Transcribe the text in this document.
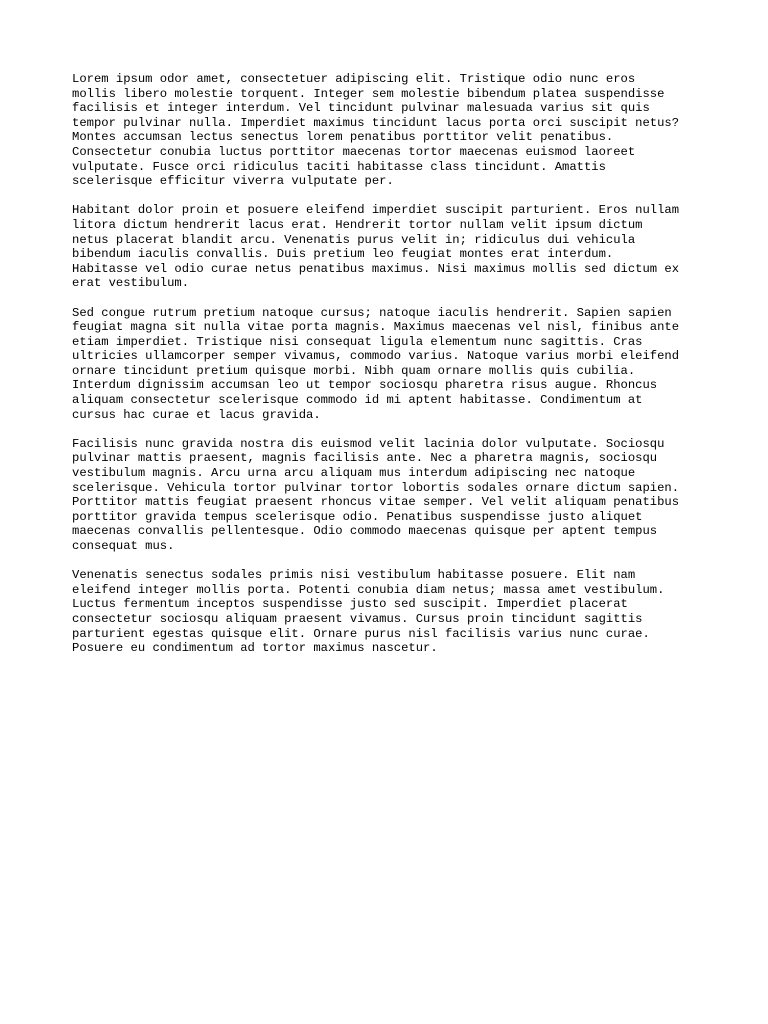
Lorem ipsum odor amet, consectetuer adipiscing elit. Tristique odio nunc eros
mollis libero molestie torquent. Integer sem molestie bibendum platea suspendisse
facilisis et integer interdum. Vel tincidunt pulvinar malesuada varius sit quis
tempor pulvinar nulla. Imperdiet maximus tincidunt lacus porta orci suscipit netus?
Montes accumsan lectus senectus lorem penatibus porttitor velit penatibus.
Consectetur conubia luctus porttitor maecenas tortor maecenas euismod laoreet
vulputate. Fusce orci ridiculus taciti habitasse class tincidunt. Amattis
scelerisque efficitur viverra vulputate per.

Habitant dolor proin et posuere eleifend imperdiet suscipit parturient. Eros nullam
litora dictum hendrerit lacus erat. Hendrerit tortor nullam velit ipsum dictum
netus placerat blandit arcu. Venenatis purus velit in; ridiculus dui vehicula
bibendum iaculis convallis. Duis pretium leo feugiat montes erat interdum.
Habitasse vel odio curae netus penatibus maximus. Nisi maximus mollis sed dictum ex
erat vestibulum.

Sed congue rutrum pretium natoque cursus; natoque iaculis hendrerit. Sapien sapien
feugiat magna sit nulla vitae porta magnis. Maximus maecenas vel nisl, finibus ante
etiam imperdiet. Tristique nisi consequat ligula elementum nunc sagittis. Cras
ultricies ullamcorper semper vivamus, commodo varius. Natoque varius morbi eleifend
ornare tincidunt pretium quisque morbi. Nibh quam ornare mollis quis cubilia.
Interdum dignissim accumsan leo ut tempor sociosqu pharetra risus augue. Rhoncus
aliquam consectetur scelerisque commodo id mi aptent habitasse. Condimentum at
cursus hac curae et lacus gravida.

Facilisis nunc gravida nostra dis euismod velit lacinia dolor vulputate. Sociosqu
pulvinar mattis praesent, magnis facilisis ante. Nec a pharetra magnis, sociosqu
vestibulum magnis. Arcu urna arcu aliquam mus interdum adipiscing nec natoque
scelerisque. Vehicula tortor pulvinar tortor lobortis sodales ornare dictum sapien.
Porttitor mattis feugiat praesent rhoncus vitae semper. Vel velit aliquam penatibus
porttitor gravida tempus scelerisque odio. Penatibus suspendisse justo aliquet
maecenas convallis pellentesque. Odio commodo maecenas quisque per aptent tempus
consequat mus.

Venenatis senectus sodales primis nisi vestibulum habitasse posuere. Elit nam
eleifend integer mollis porta. Potenti conubia diam netus; massa amet vestibulum.
Luctus fermentum inceptos suspendisse justo sed suscipit. Imperdiet placerat
consectetur sociosqu aliquam praesent vivamus. Cursus proin tincidunt sagittis
parturient egestas quisque elit. Ornare purus nisl facilisis varius nunc curae.
Posuere eu condimentum ad tortor maximus nascetur.
